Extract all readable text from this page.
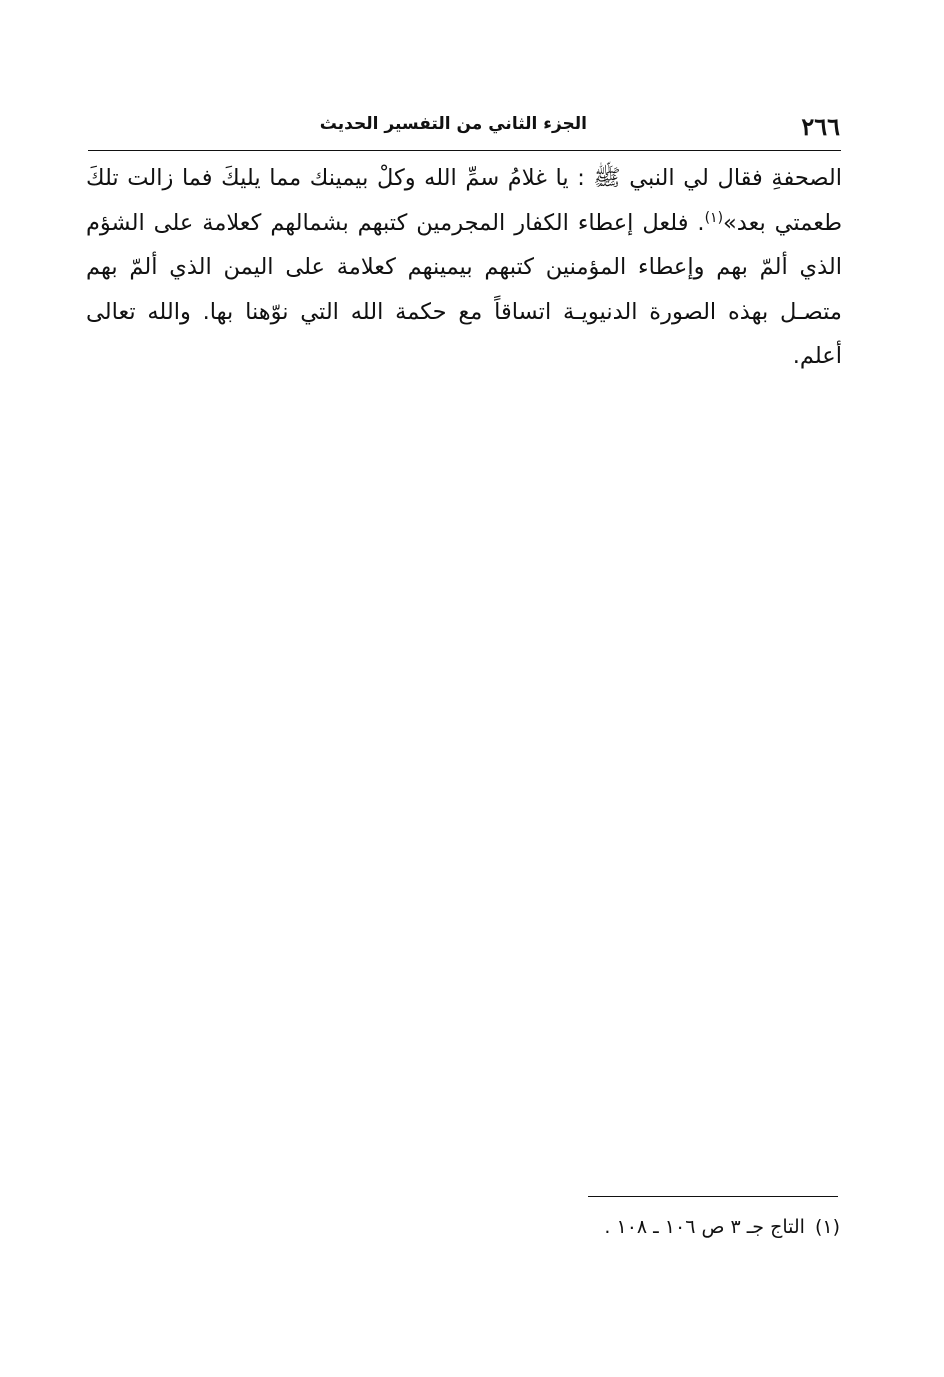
٢٦٦
الجزء الثاني من التفسير الحديث
الصحفةِ فقال لي النبي ﷺ : يا غلامُ سمِّ الله وكلْ بيمينك مما يليكَ فما زالت تلكَ
طعمتي بعد»$^{(١)}$. فلعل إعطاء الكفار المجرمين كتبهم بشمالهم كعلامة على الشؤم
الذي ألمّ بهم وإعطاء المؤمنين كتبهم بيمينهم كعلامة على اليمن الذي ألمّ بهم
متصـل بهذه الصورة الدنيويـة اتساقاً مع حكمة الله التي نوّهنا بها. والله تعالى
أعلم.
(١)التاج جـ ٣ ص ١٠٦ ـ ١٠٨ .
